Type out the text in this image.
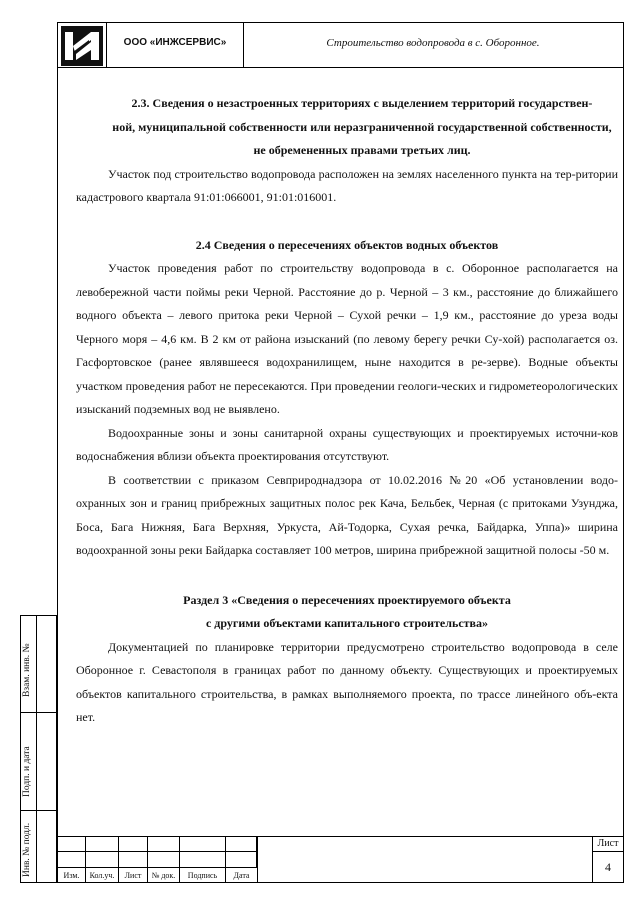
ООО «ИНЖСЕРВИС»	Строительство водопровода в с. Оборонное.

2.3. Сведения о незастроенных территориях с выделением территорий государствен-
ной, муниципальной собственности или неразграниченной государственной собственности,
не обремененных правами третьих лиц.

Участок под строительство водопровода расположен на землях населенного пункта на тер-ритории кадастрового квартала 91:01:066001, 91:01:016001.

2.4 Сведения о пересечениях объектов водных объектов

Участок проведения работ по строительству водопровода в с. Оборонное располагается на левобережной части поймы реки Черной. Расстояние до р. Черной – 3 км., расстояние до ближайшего водного объекта – левого притока реки Черной – Сухой речки – 1,9 км., расстояние до уреза воды Черного моря – 4,6 км. В 2 км от района изысканий (по левому берегу речки Су-хой) располагается оз. Гасфортовское (ранее являвшееся водохранилищем, ныне находится в ре-зерве). Водные объекты участком проведения работ не пересекаются. При проведении геологи-ческих и гидрометеорологических изысканий подземных вод не выявлено.

Водоохранные зоны и зоны санитарной охраны существующих и проектируемых источни-ков водоснабжения вблизи объекта проектирования отсутствуют.

В соответствии с приказом Севприроднадзора от 10.02.2016 №20 «Об установлении водо-охранных зон и границ прибрежных защитных полос рек Кача, Бельбек, Черная (с притоками Узунджа, Боса, Бага Нижняя, Бага Верхняя, Уркуста, Ай-Тодорка, Сухая речка, Байдарка, Уппа)» ширина водоохранной зоны реки Байдарка составляет 100 метров, ширина прибрежной защитной полосы -50 м.

Раздел 3 «Сведения о пересечениях проектируемого объекта
с другими объектами капитального строительства»

Документацией по планировке территории предусмотрено строительство водопровода в селе Оборонное г. Севастополя в границах работ по данному объекту. Существующих и проектируемых объектов капитального строительства, в рамках выполняемого проекта, по трассе линейного объ-екта нет.

Взам. инв. №
Подп. и дата
Инв. № подл.	Изм.	Кол.уч.	Лист	№ док.	Подпись	Дата
Лист
4
